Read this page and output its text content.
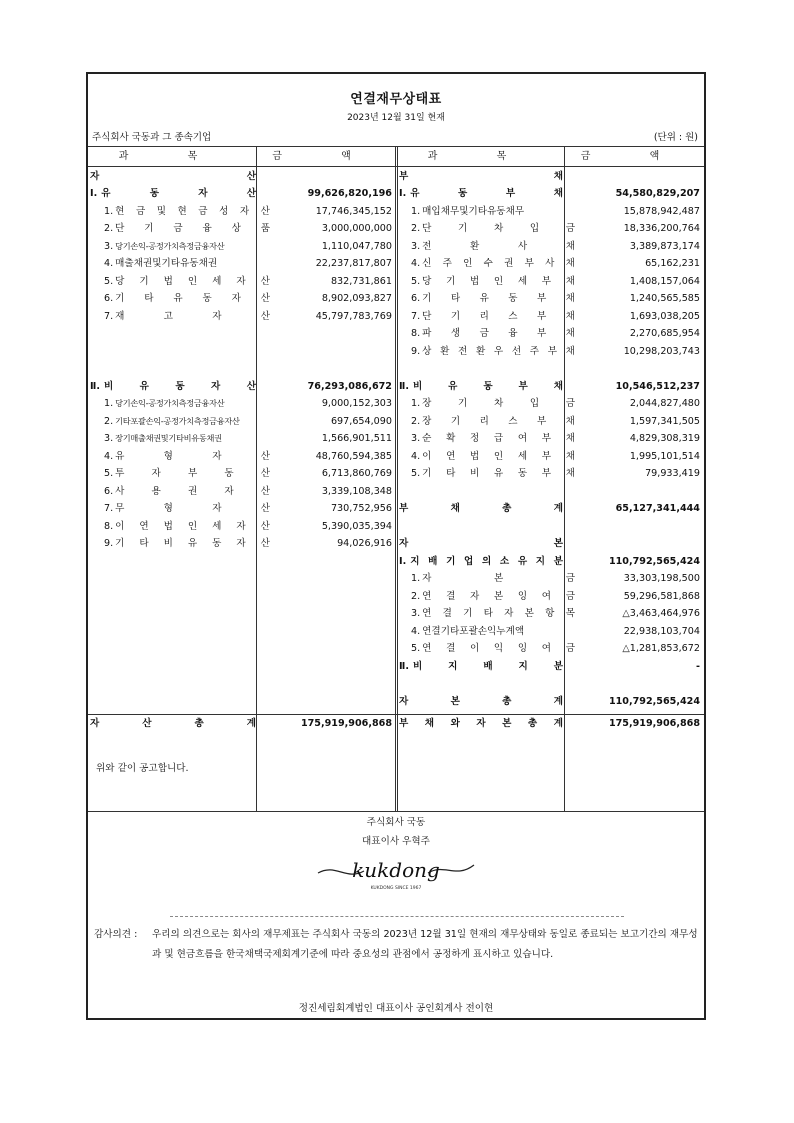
연결재무상태표
2023년 12월 31일 현재
주식회사 국동과 그 종속기업	(단위 : 원)
과 목	금 액	과 목	금 액
자	산
Ⅰ. 유	동	자	산	99,626,820,196
1. 현 금 및 현 금 성 자 산	17,746,345,152
2. 단 기 금 융 상 품	3,000,000,000
3. 당기손익-공정가치측정금융자산	1,110,047,780
4. 매출채권및기타유동채권	22,237,817,807
5. 당 기 법 인 세 자 산	832,731,861
6. 기 타 유 동 자 산	8,902,093,827
7. 재	고	자	산	45,797,783,769
Ⅱ. 비	유	동	자	산	76,293,086,672
1. 당기손익-공정가치측정금융자산	9,000,152,303
2. 기타포괄손익-공정가치측정금융자산	697,654,090
3. 장기매출채권및기타비유동채권	1,566,901,511
4. 유	형	자	산	48,760,594,385
5. 투	자	부	동	산	6,713,860,769
6. 사	용	권	자	산	3,339,108,348
7. 무	형	자	산	730,752,956
8. 이 연 법 인 세 자 산	5,390,035,394
9. 기 타 비 유 동 자 산	94,026,916
자	산	총	계	175,919,906,868
부	채
Ⅰ. 유	동	부	채	54,580,829,207
1. 매입채무및기타유동채무	15,878,942,487
2. 단	기	차	입	금	18,336,200,764
3. 전	환	사	채	3,389,873,174
4. 신 주 인 수 권 부 사 채	65,162,231
5. 당 기 법 인 세 부 채	1,408,157,064
6. 기 타 유 동 부 채	1,240,565,585
7. 단 기 리 스 부 채	1,693,038,205
8. 파 생 금 융 부 채	2,270,685,954
9. 상 환 전 환 우 선 주 부 채	10,298,203,743
Ⅱ. 비	유	동	부	채	10,546,512,237
1. 장	기	차	입	금	2,044,827,480
2. 장 기 리 스 부 채	1,597,341,505
3. 순 확 정 급 여 부 채	4,829,308,319
4. 이 연 법 인 세 부 채	1,995,101,514
5. 기 타 비 유 동 부 채	79,933,419
부	채	총	계	65,127,341,444
자	본
Ⅰ. 지 배 기 업 의 소 유 지 분	110,792,565,424
1. 자	본	금	33,303,198,500
2. 연 결 자 본 잉 여 금	59,296,581,868
3. 연 결 기 타 자 본 항 목	△3,463,464,976
4. 연결기타포괄손익누계액	22,938,103,704
5. 연 결 이 익 잉 여 금	△1,281,853,672
Ⅱ. 비	지	배	지	분	-
자	본	총	계	110,792,565,424
부 채 와 자 본 총 계	175,919,906,868
위와 같이 공고합니다.
주식회사 국동
대표이사 우혁주
kukdong
KUKDONG SINCE 1967
감사의견 : 우리의 의견으로는 회사의 재무제표는 주식회사 국동의 2023년 12월 31일 현재의 재무상태와 동일로 종료되는 보고기간의 재무성과 및 현금흐름을 한국채택국제회계기준에 따라 중요성의 관점에서 공정하게 표시하고 있습니다.
정진세림회계법인 대표이사 공인회계사 전이현
